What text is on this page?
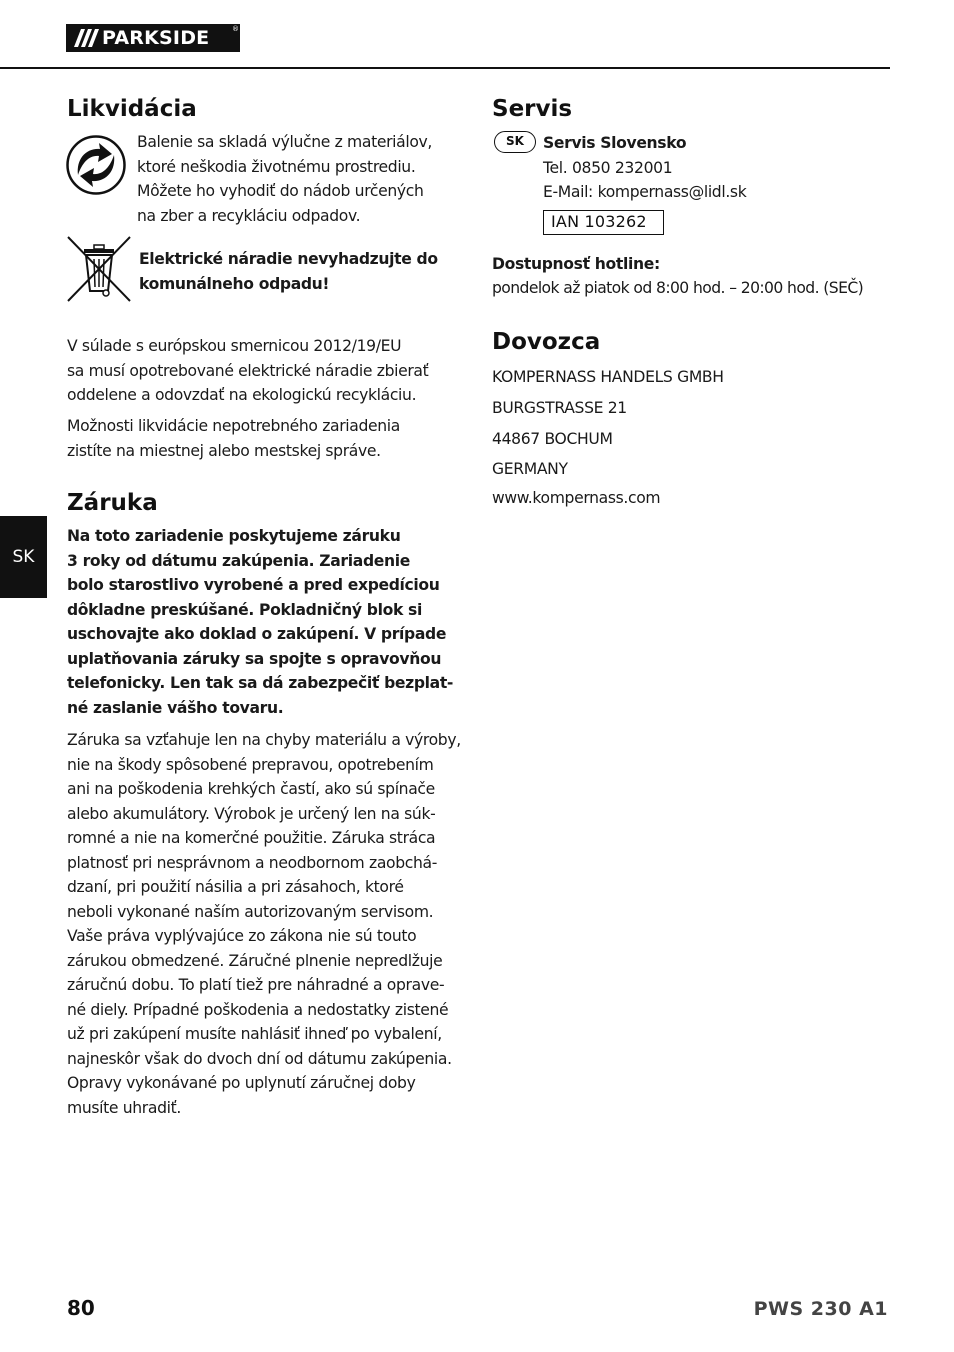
PARKSIDE	®
SK
Likvidácia
Balenie sa skladá výlučne z materiálov,
ktoré neškodia životnému prostrediu.
Môžete ho vyhodiť do nádob určených
na zber a recykláciu odpadov.
Elektrické náradie nevyhadzujte do
komunálneho odpadu!
V súlade s európskou smernicou 2012/19/EU
sa musí opotrebované elektrické náradie zbierať
oddelene a odovzdať na ekologickú recykláciu.
Možnosti likvidácie nepotrebného zariadenia
zistíte na miestnej alebo mestskej správe.
Záruka
Na toto zariadenie poskytujeme záruku
3 roky od dátumu zakúpenia. Zariadenie
bolo starostlivo vyrobené a pred expedíciou
dôkladne preskúšané. Pokladničný blok si
uschovajte ako doklad o zakúpení. V prípade
uplatňovania záruky sa spojte s opravovňou
telefonicky. Len tak sa dá zabezpečiť bezplat-
né zaslanie vášho tovaru.
Záruka sa vzťahuje len na chyby materiálu a výroby,
nie na škody spôsobené prepravou, opotrebením
ani na poškodenia krehkých častí, ako sú spínače
alebo akumulátory. Výrobok je určený len na súk-
romné a nie na komerčné použitie. Záruka stráca
platnosť pri nesprávnom a neodbornom zaobchá-
dzaní, pri použití násilia a pri zásahoch, ktoré
neboli vykonané naším autorizovaným servisom.
Vaše práva vyplývajúce zo zákona nie sú touto
zárukou obmedzené. Záručné plnenie nepredlžuje
záručnú dobu. To platí tiež pre náhradné a oprave-
né diely. Prípadné poškodenia a nedostatky zistené
už pri zakúpení musíte nahlásiť ihneď po vybalení,
najneskôr však do dvoch dní od dátumu zakúpenia.
Opravy vykonávané po uplynutí záručnej doby
musíte uhradiť.
Servis
SK	Servis Slovensko
Tel. 0850 232001
E-Mail: kompernass@lidl.sk
IAN 103262
Dostupnosť hotline:
pondelok až piatok od 8:00 hod. – 20:00 hod. (SEČ)
Dovozca
KOMPERNASS HANDELS GMBH
BURGSTRASSE 21
44867 BOCHUM
GERMANY
www.kompernass.com
80	PWS 230 A1
